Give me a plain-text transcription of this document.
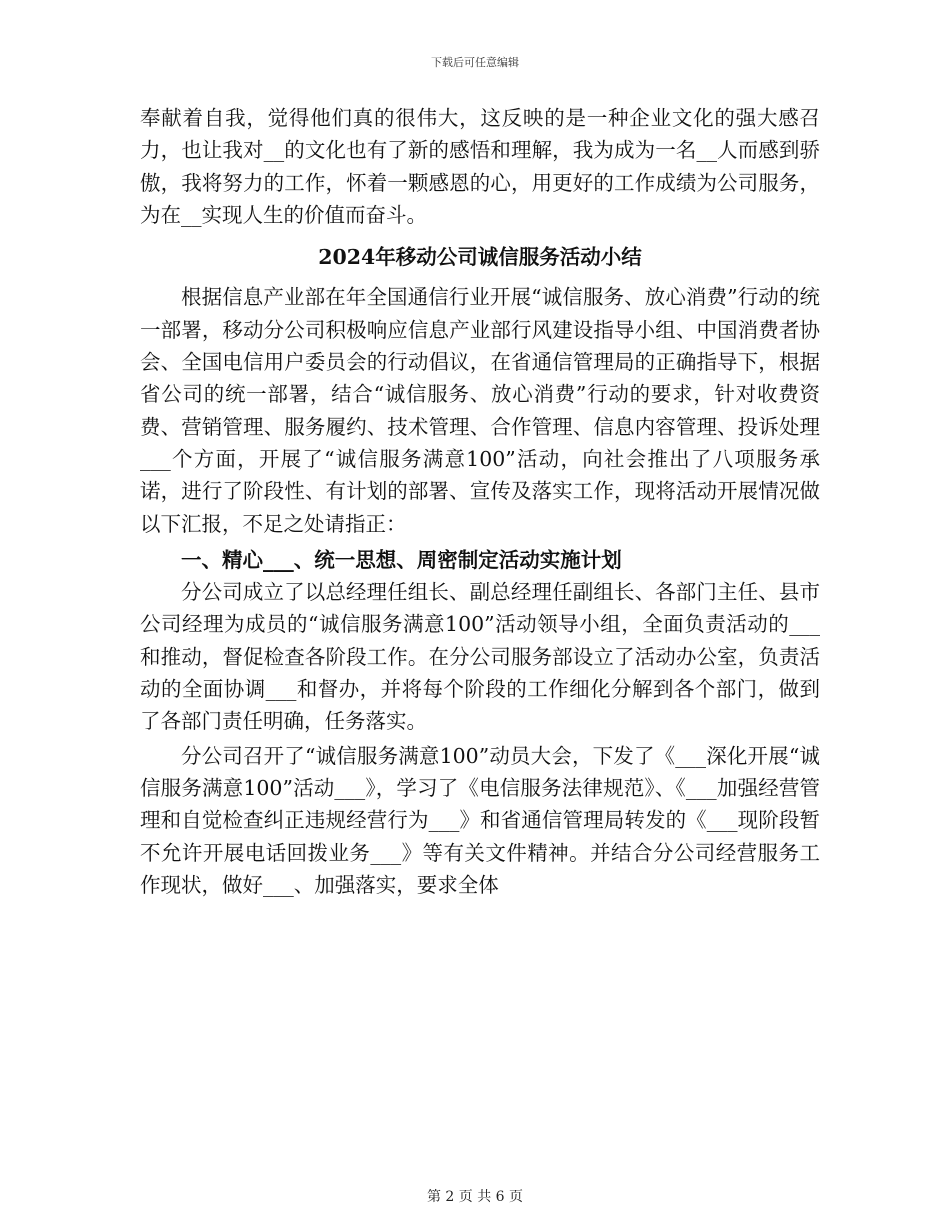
下载后可任意编辑

奉献着自我，觉得他们真的很伟大，这反映的是一种企业文化的强大感召力，也让我对__的文化也有了新的感悟和理解，我为成为一名__人而感到骄傲，我将努力的工作，怀着一颗感恩的心，用更好的工作成绩为公司服务，为在__实现人生的价值而奋斗。

2024年移动公司诚信服务活动小结

根据信息产业部在年全国通信行业开展“诚信服务、放心消费”行动的统一部署，移动分公司积极响应信息产业部行风建设指导小组、中国消费者协会、全国电信用户委员会的行动倡议，在省通信管理局的正确指导下，根据省公司的统一部署，结合“诚信服务、放心消费”行动的要求，针对收费资费、营销管理、服务履约、技术管理、合作管理、信息内容管理、投诉处理___个方面，开展了“诚信服务满意100”活动，向社会推出了八项服务承诺，进行了阶段性、有计划的部署、宣传及落实工作，现将活动开展情况做以下汇报，不足之处请指正：

一、精心___、统一思想、周密制定活动实施计划

分公司成立了以总经理任组长、副总经理任副组长、各部门主任、县市公司经理为成员的“诚信服务满意100”活动领导小组，全面负责活动的___和推动，督促检查各阶段工作。在分公司服务部设立了活动办公室，负责活动的全面协调___和督办，并将每个阶段的工作细化分解到各个部门，做到了各部门责任明确，任务落实。

分公司召开了“诚信服务满意100”动员大会，下发了《___深化开展“诚信服务满意100”活动___》，学习了《电信服务法律规范》、《___加强经营管理和自觉检查纠正违规经营行为___》和省通信管理局转发的《___现阶段暂不允许开展电话回拨业务___》等有关文件精神。并结合分公司经营服务工作现状，做好___、加强落实，要求全体

第 2 页 共 6 页
